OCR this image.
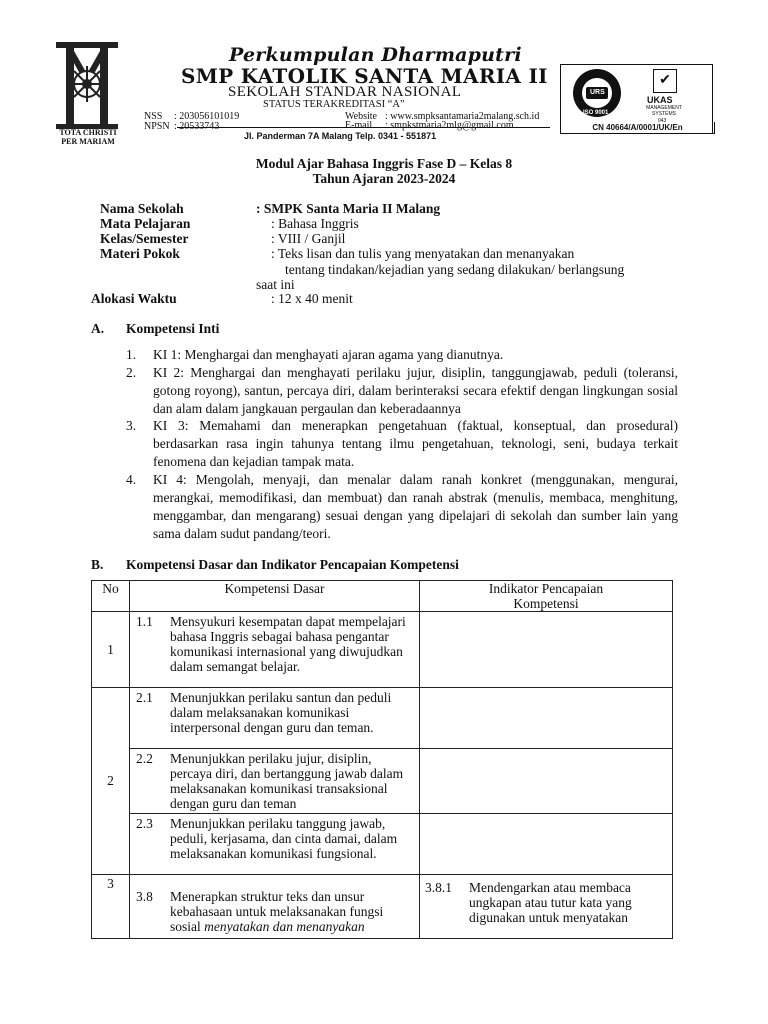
TOTA CHRISTI
PER MARIAM
Perkumpulan Dharmaputri
SMP KATOLIK SANTA MARIA II
SEKOLAH STANDAR NASIONAL
STATUS TERAKREDITASI “A”
NSS : 203056101019
NPSN : 20533743
Website : www.smpksantamaria2malang.sch.id
E-mail : smpkstmaria2mlg@gmail.com
Jl. Panderman 7A Malang Telp. 0341 - 551871
URS
ISO 9001
✔
UKAS
MANAGEMENT SYSTEMS
043
CN 40664/A/0001/UK/En
Modul Ajar Bahasa Inggris Fase D – Kelas 8
Tahun Ajaran 2023-2024
Nama Sekolah	: SMPK Santa Maria II Malang
Mata Pelajaran	: Bahasa Inggris
Kelas/Semester	: VIII / Ganjil
Materi Pokok	: Teks lisan dan tulis yang menyatakan dan menanyakan
tentang tindakan/kejadian yang sedang dilakukan/ berlangsung
saat ini
Alokasi Waktu	: 12 x 40 menit
A. Kompetensi Inti
1. KI 1: Menghargai dan menghayati ajaran agama yang dianutnya.
2. KI 2: Menghargai dan menghayati perilaku jujur, disiplin, tanggungjawab, peduli (toleransi, gotong royong), santun, percaya diri, dalam berinteraksi secara efektif dengan lingkungan sosial dan alam dalam jangkauan pergaulan dan keberadaannya
3. KI 3: Memahami dan menerapkan pengetahuan (faktual, konseptual, dan prosedural) berdasarkan rasa ingin tahunya tentang ilmu pengetahuan, teknologi, seni, budaya terkait fenomena dan kejadian tampak mata.
4. KI 4: Mengolah, menyaji, dan menalar dalam ranah konkret (menggunakan, mengurai, merangkai, memodifikasi, dan membuat) dan ranah abstrak (menulis, membaca, menghitung, menggambar, dan mengarang) sesuai dengan yang dipelajari di sekolah dan sumber lain yang sama dalam sudut pandang/teori.
B. Kompetensi Dasar dan Indikator Pencapaian Kompetensi
No	Kompetensi Dasar	Indikator Pencapaian
Kompetensi

1	1.1 Mensyukuri kesempatan dapat mempelajari bahasa Inggris sebagai bahasa pengantar komunikasi internasional yang diwujudkan dalam semangat belajar.	

2	2.1 Menunjukkan perilaku santun dan peduli dalam melaksanakan komunikasi interpersonal dengan guru dan teman.	

	2.2 Menunjukkan perilaku jujur, disiplin, percaya diri, dan bertanggung jawab dalam melaksanakan komunikasi transaksional dengan guru dan teman	

	2.3 Menunjukkan perilaku tanggung jawab, peduli, kerjasama, dan cinta damai, dalam melaksanakan komunikasi fungsional.	

3	3.8 Menerapkan struktur teks dan unsur kebahasaan untuk melaksanakan fungsi sosial menyatakan dan menanyakan	3.8.1 Mendengarkan atau membaca ungkapan atau tutur kata yang digunakan untuk menyatakan
